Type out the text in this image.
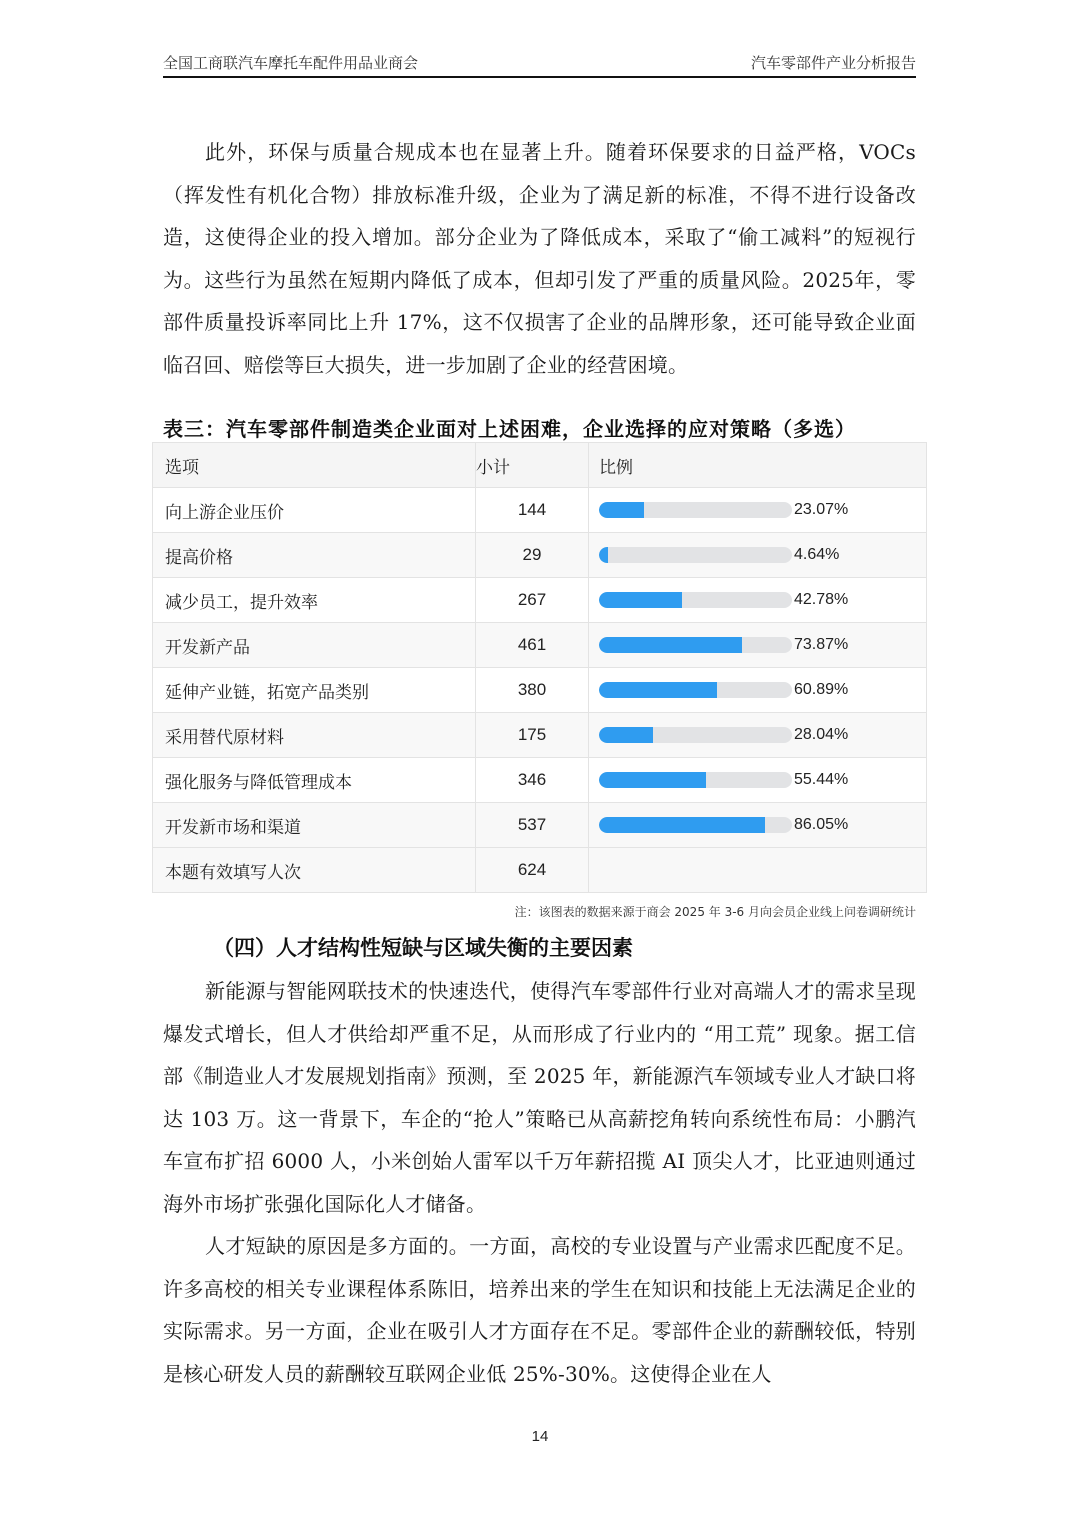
全国工商联汽车摩托车配件用品业商会	汽车零部件产业分析报告

此外，环保与质量合规成本也在显著上升。随着环保要求的日益严格，VOCs（挥发性有机化合物）排放标准升级，企业为了满足新的标准，不得不进行设备改造，这使得企业的投入增加。部分企业为了降低成本，采取了“偷工减料”的短视行为。这些行为虽然在短期内降低了成本，但却引发了严重的质量风险。2025年，零部件质量投诉率同比上升 17%，这不仅损害了企业的品牌形象，还可能导致企业面临召回、赔偿等巨大损失，进一步加剧了企业的经营困境。

表三：汽车零部件制造类企业面对上述困难，企业选择的应对策略（多选）
选项	小计	比例
向上游企业压价	144	23.07%

提高价格	29	4.64%

减少员工，提升效率	267	42.78%

开发新产品	461	73.87%

延伸产业链，拓宽产品类别	380	60.89%

采用替代原材料	175	28.04%

强化服务与降低管理成本	346	55.44%

开发新市场和渠道	537	86.05%

本题有效填写人次	624	
注：该图表的数据来源于商会 2025 年 3-6 月向会员企业线上问卷调研统计
（四）人才结构性短缺与区域失衡的主要因素

新能源与智能网联技术的快速迭代，使得汽车零部件行业对高端人才的需求呈现爆发式增长，但人才供给却严重不足，从而形成了行业内的 “用工荒” 现象。据工信部《制造业人才发展规划指南》预测，至 2025 年，新能源汽车领域专业人才缺口将达 103 万。这一背景下，车企的“抢人”策略已从高薪挖角转向系统性布局：小鹏汽车宣布扩招 6000 人，小米创始人雷军以千万年薪招揽 AI 顶尖人才，比亚迪则通过海外市场扩张强化国际化人才储备。

人才短缺的原因是多方面的。一方面，高校的专业设置与产业需求匹配度不足。许多高校的相关专业课程体系陈旧，培养出来的学生在知识和技能上无法满足企业的实际需求。另一方面，企业在吸引人才方面存在不足。零部件企业的薪酬较低，特别是核心研发人员的薪酬较互联网企业低 25%-30%。这使得企业在人

14
